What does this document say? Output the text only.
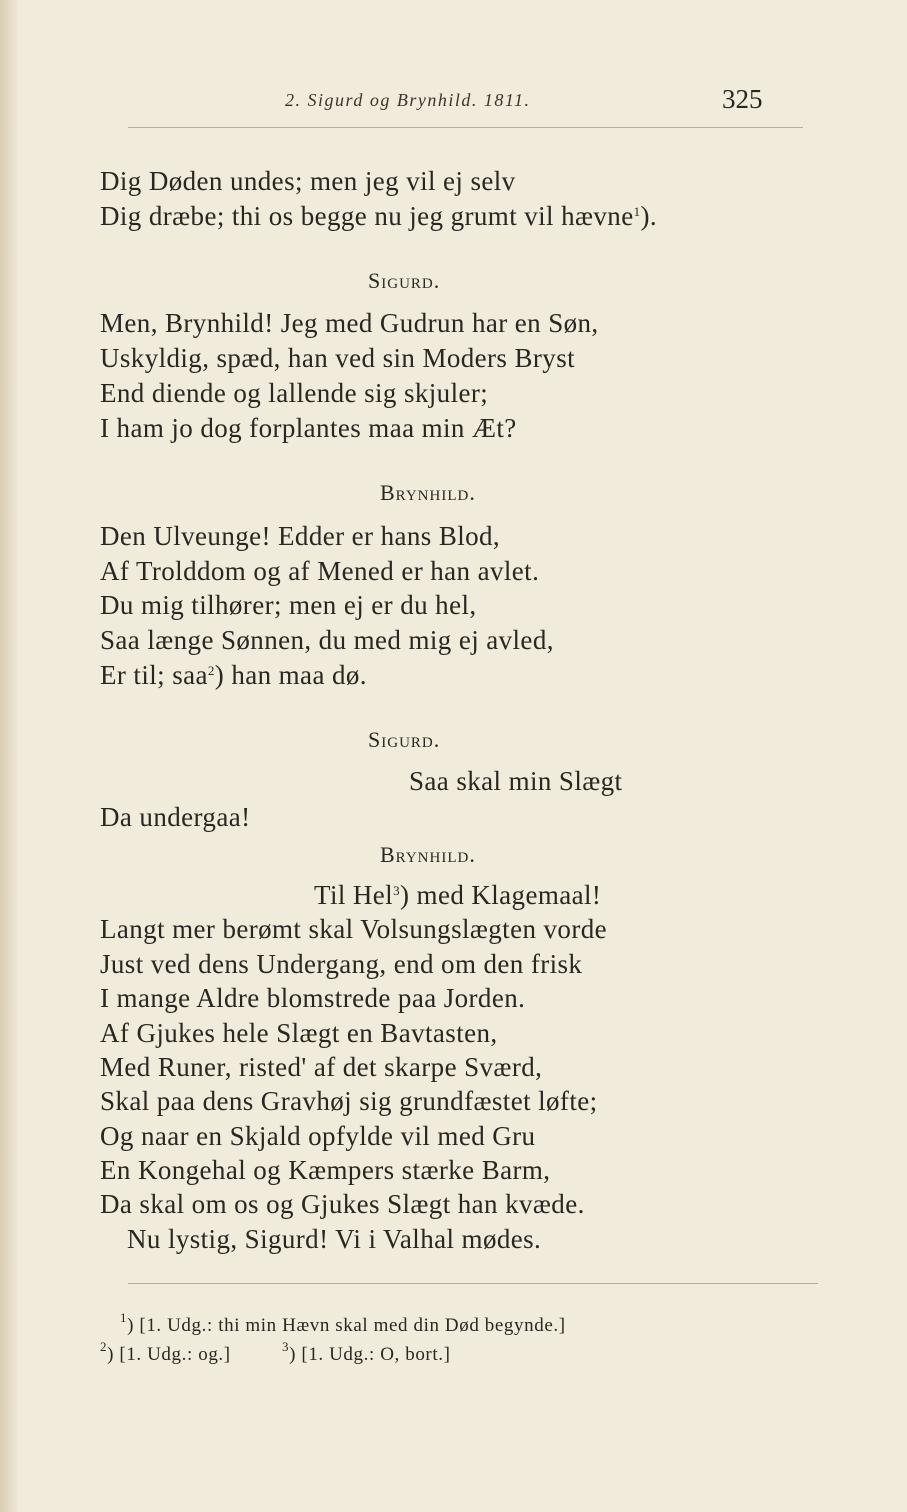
2. Sigurd og Brynhild. 1811.	325
Dig Døden undes; men jeg vil ej selv
Dig dræbe; thi os begge nu jeg grumt vil hævne$^1$).
Sigurd.
Men, Brynhild! Jeg med Gudrun har en Søn,
Uskyldig, spæd, han ved sin Moders Bryst
End diende og lallende sig skjuler;
I ham jo dog forplantes maa min Æt?
Brynhild.
Den Ulveunge! Edder er hans Blod,
Af Trolddom og af Mened er han avlet.
Du mig tilhører; men ej er du hel,
Saa længe Sønnen, du med mig ej avled,
Er til; saa$^2$) han maa dø.
Sigurd.
Saa skal min Slægt
Da undergaa!
Brynhild.
Til Hel$^3$) med Klagemaal!
Langt mer berømt skal Volsungslægten vorde
Just ved dens Undergang, end om den frisk
I mange Aldre blomstrede paa Jorden.
Af Gjukes hele Slægt en Bavtasten,
Med Runer, risted' af det skarpe Sværd,
Skal paa dens Gravhøj sig grundfæstet løfte;
Og naar en Skjald opfylde vil med Gru
En Kongehal og Kæmpers stærke Barm,
Da skal om os og Gjukes Slægt han kvæde.
Nu lystig, Sigurd! Vi i Valhal mødes.
$^1$) [1. Udg.: thi min Hævn skal med din Død begynde.]
$^2$) [1. Udg.: og.]	$^3$) [1. Udg.: O, bort.]
